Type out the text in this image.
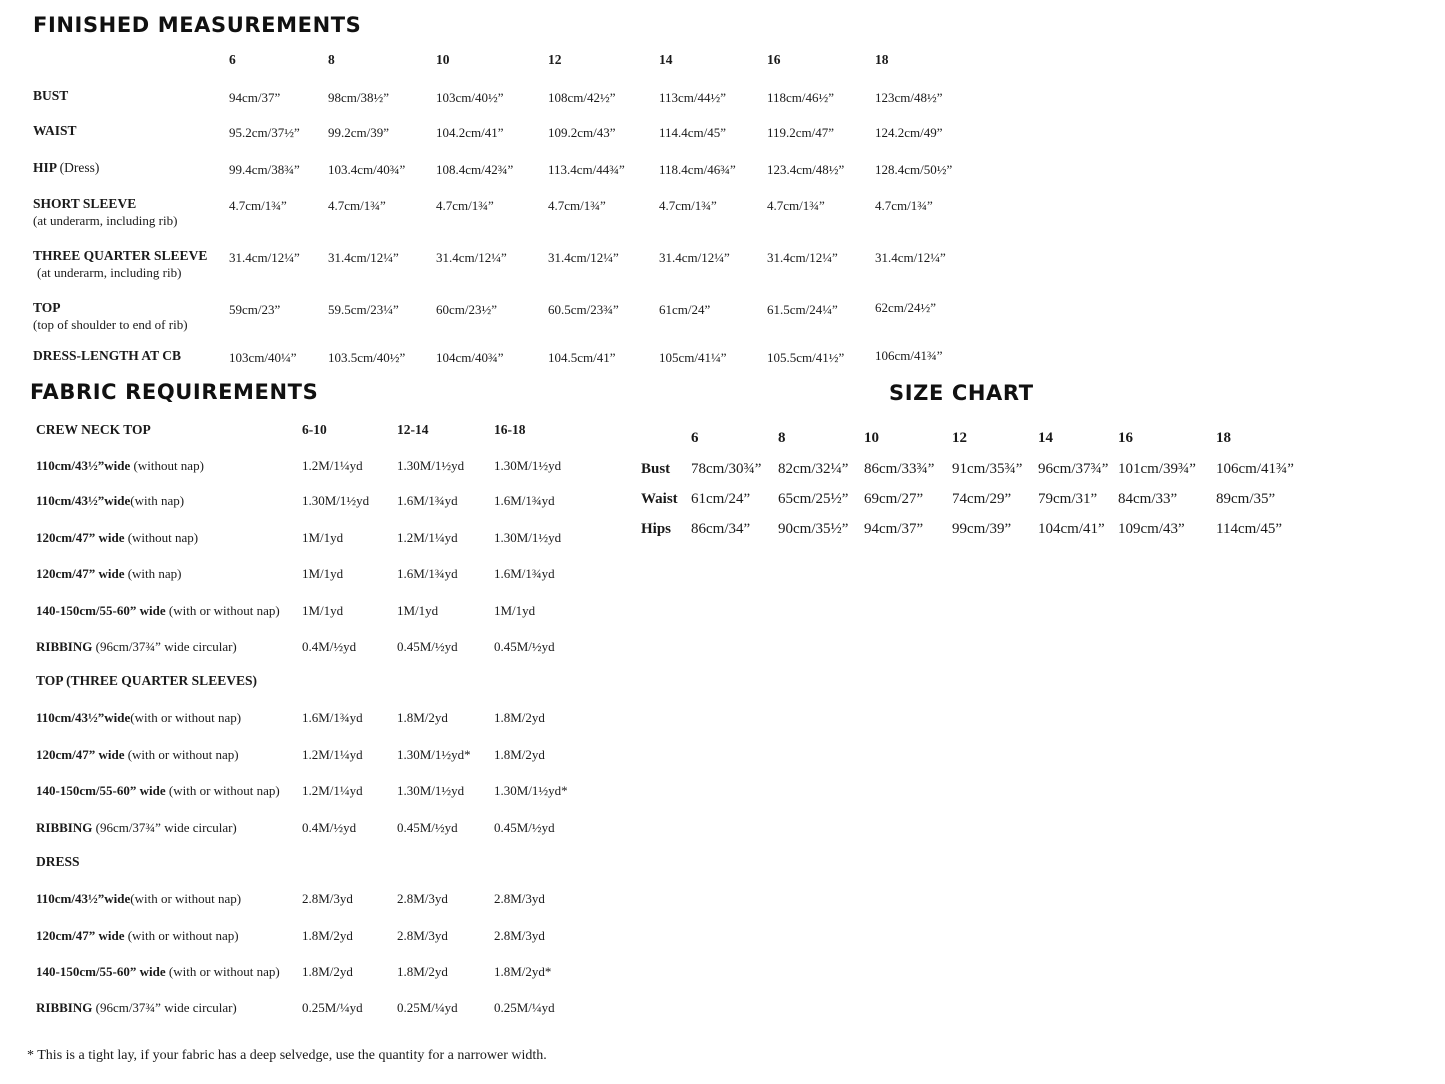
FINISHED MEASUREMENTS
6	8	10	12	14	16	18
BUST	94cm/37”	98cm/38½”	103cm/40½”	108cm/42½”	113cm/44½”	118cm/46½”	123cm/48½”
WAIST	95.2cm/37½” 99.2cm/39”	104.2cm/41”	109.2cm/43”	114.4cm/45”	119.2cm/47”	124.2cm/49”
HIP (Dress)	99.4cm/38¾” 103.4cm/40¾” 108.4cm/42¾”	113.4cm/44¾”	118.4cm/46¾” 123.4cm/48½” 128.4cm/50½”
SHORT SLEEVE
(at underarm, including rib)
4.7cm/1¾”	4.7cm/1¾”	4.7cm/1¾”	4.7cm/1¾”	4.7cm/1¾”	4.7cm/1¾”	4.7cm/1¾”
THREE QUARTER SLEEVE
(at underarm, including rib)
31.4cm/12¼” 31.4cm/12¼”	31.4cm/12¼”	31.4cm/12¼”	31.4cm/12¼”	31.4cm/12¼”	31.4cm/12¼”
TOP
(top of shoulder to end of rib)
59cm/23”	59.5cm/23¼”	60cm/23½”	60.5cm/23¾”	61cm/24”	61.5cm/24¼”	62cm/24½”
DRESS-LENGTH AT CB	103cm/40¼” 103.5cm/40½” 104cm/40¾”	104.5cm/41”	105cm/41¼”	105.5cm/41½” 106cm/41¾”
FABRIC REQUIREMENTS
6-10	12-14	16-18
CREW NECK TOP
110cm/43½”wide (without nap)	1.2M/1¼yd	1.30M/1½yd 1.30M/1½yd
110cm/43½”wide(with nap)	1.30M/1½yd 1.6M/1¾yd	1.6M/1¾yd
120cm/47” wide (without nap)	1M/1yd	1.2M/1¼yd	1.30M/1½yd
120cm/47” wide (with nap)	1M/1yd	1.6M/1¾yd	1.6M/1¾yd
140-150cm/55-60” wide (with or without nap) 1M/1yd	1M/1yd	1M/1yd
RIBBING (96cm/37¾” wide circular)	0.4M/½yd	0.45M/½yd	0.45M/½yd
TOP (THREE QUARTER SLEEVES)
110cm/43½”wide(with or without nap)	1.6M/1¾yd	1.8M/2yd	1.8M/2yd
120cm/47” wide (with or without nap)	1.2M/1¼yd	1.30M/1½yd* 1.8M/2yd
140-150cm/55-60” wide (with or without nap) 1.2M/1¼yd	1.30M/1½yd 1.30M/1½yd*
RIBBING (96cm/37¾” wide circular)	0.4M/½yd	0.45M/½yd	0.45M/½yd
DRESS
110cm/43½”wide(with or without nap)	2.8M/3yd	2.8M/3yd	2.8M/3yd
120cm/47” wide (with or without nap)	1.8M/2yd	2.8M/3yd	2.8M/3yd
140-150cm/55-60” wide (with or without nap) 1.8M/2yd	1.8M/2yd	1.8M/2yd*
RIBBING (96cm/37¾” wide circular)	0.25M/¼yd	0.25M/¼yd	0.25M/¼yd
* This is a tight lay, if your fabric has a deep selvedge, use the quantity for a narrower width.
SIZE CHART
6	8	10	12	14	16	18
Bust 78cm/30¾” 82cm/32¼” 86cm/33¾” 91cm/35¾” 96cm/37¾” 101cm/39¾” 106cm/41¾”
Waist 61cm/24” 65cm/25½” 69cm/27” 74cm/29” 79cm/31” 84cm/33”	89cm/35”
Hips 86cm/34” 90cm/35½” 94cm/37” 99cm/39” 104cm/41” 109cm/43” 114cm/45”
